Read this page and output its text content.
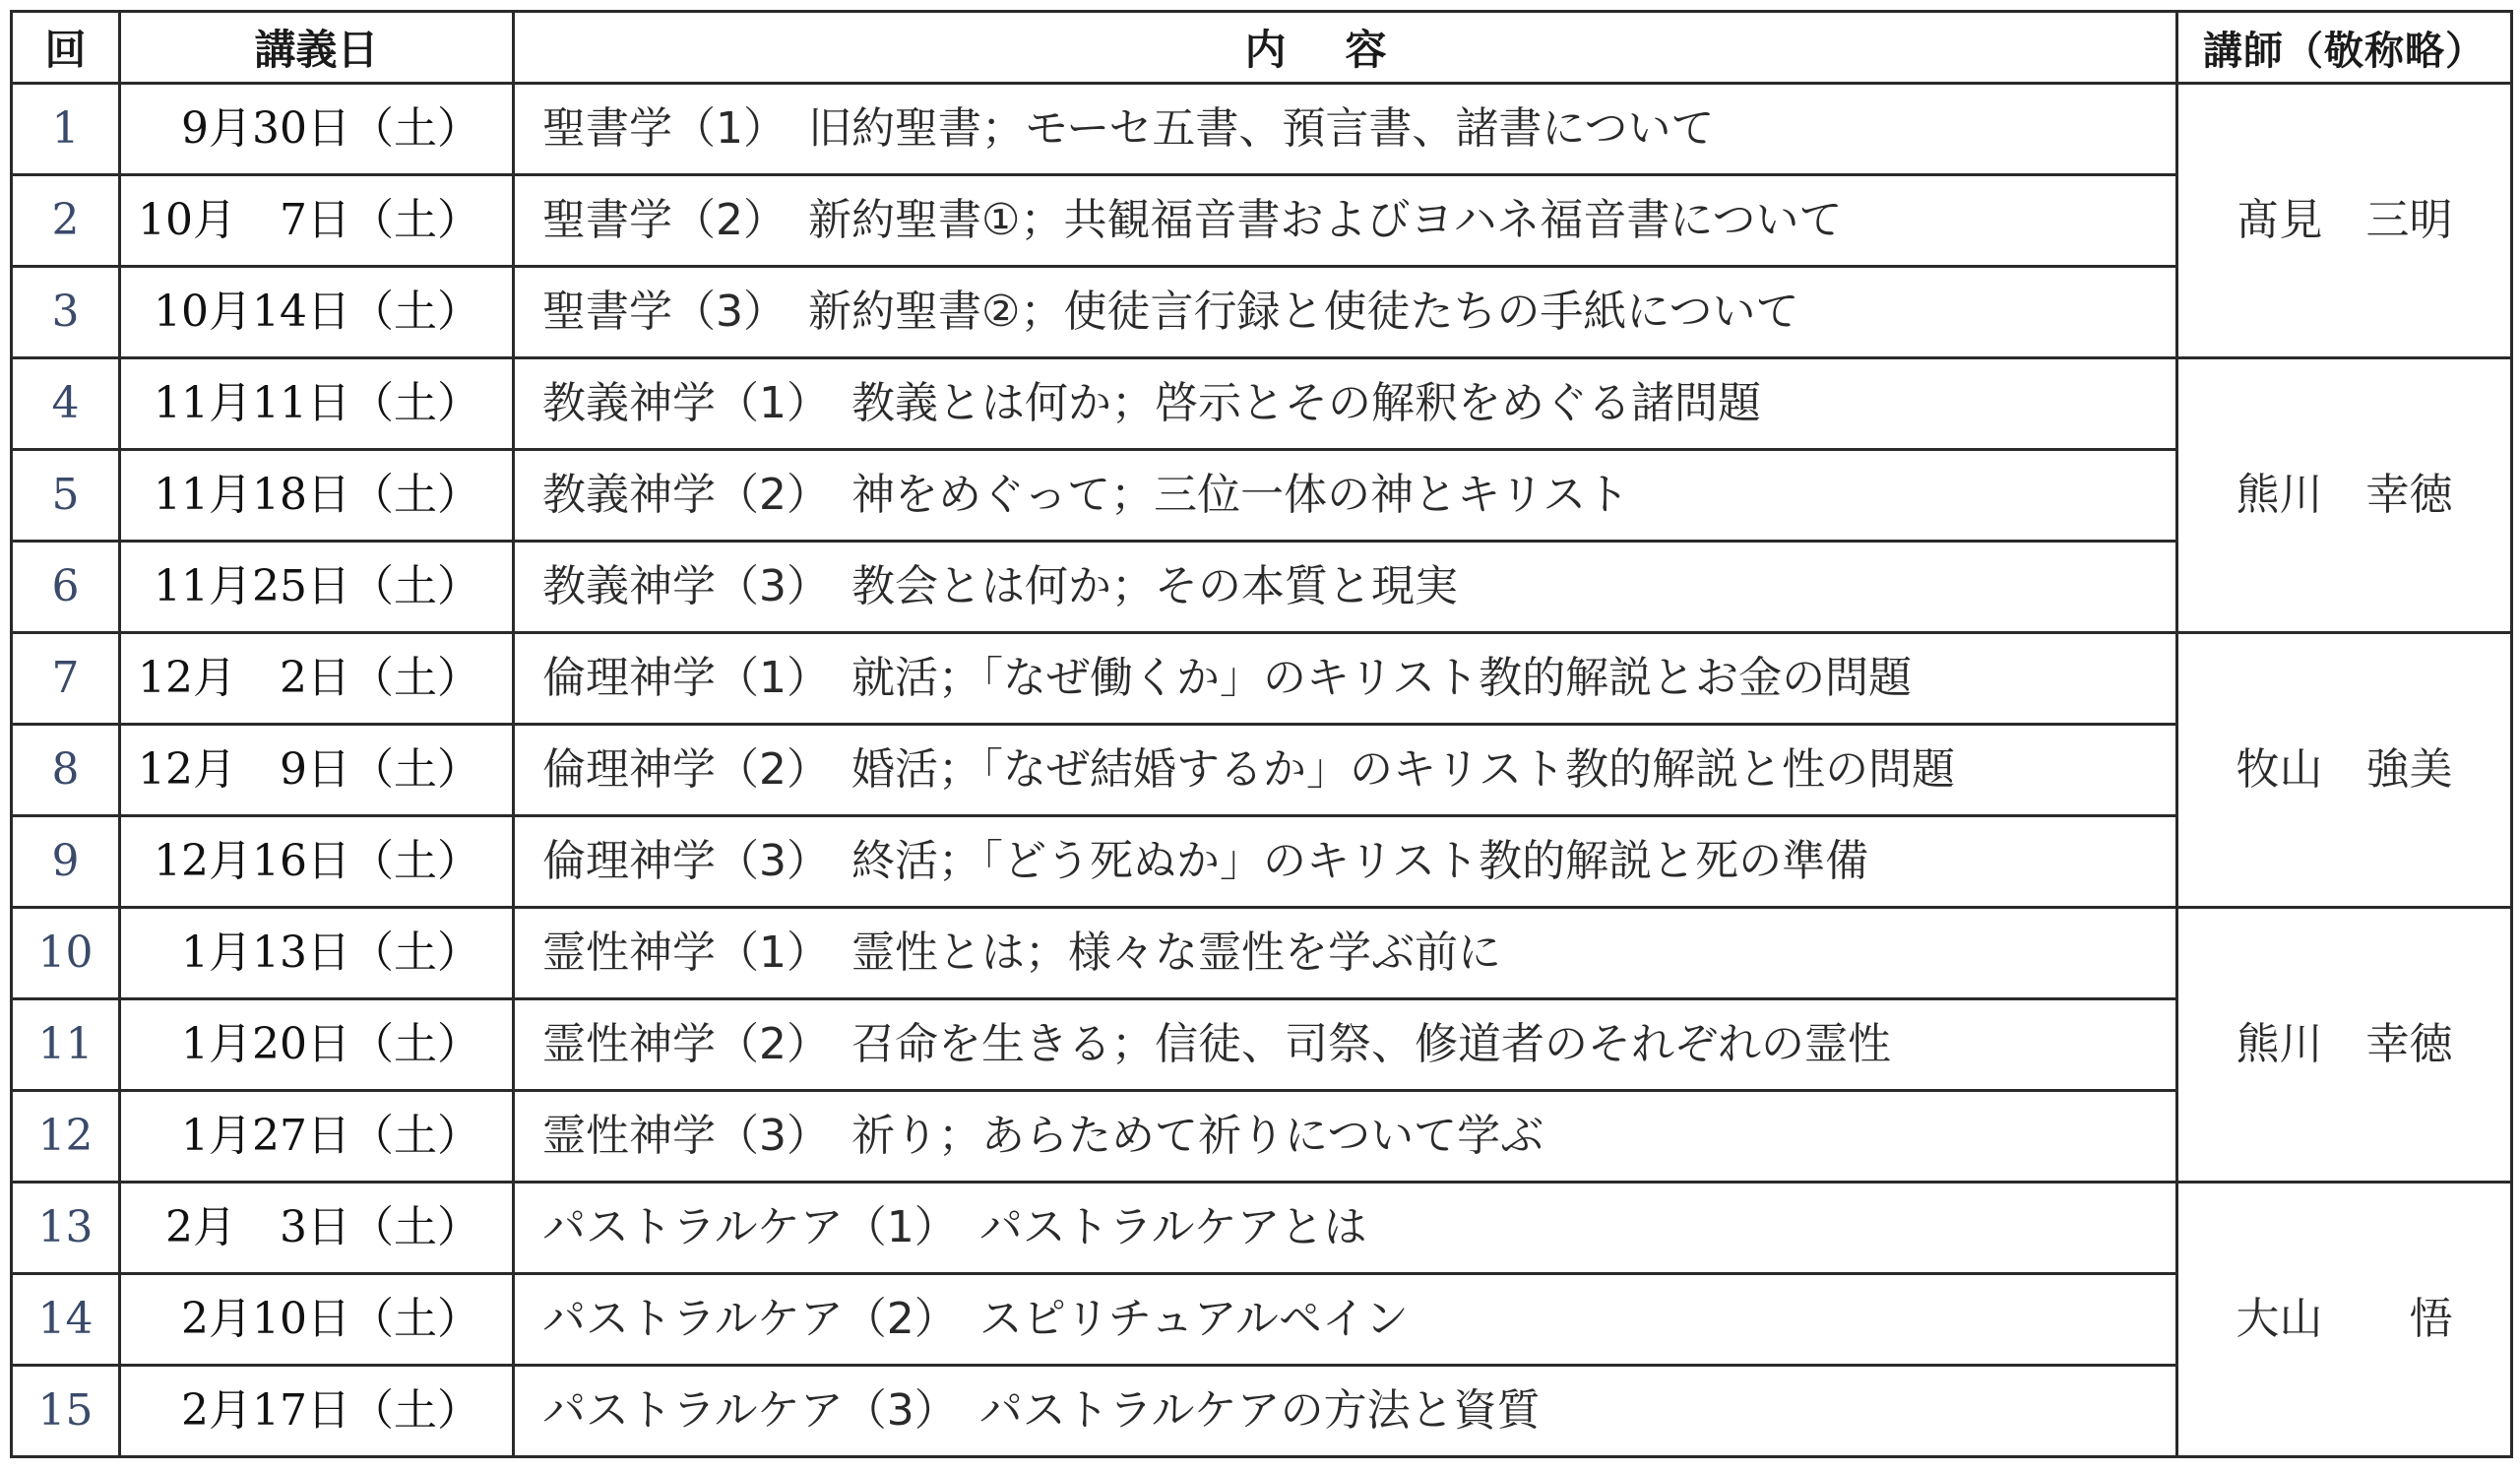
回	講義日	内容	講師（敬称略）
1	9月30日（土）	聖書学（1）　旧約聖書；モーセ五書、預言書、諸書について	髙見　三明
2	10月　7日（土）	聖書学（2）　新約聖書①；共観福音書およびヨハネ福音書について	
3	10月14日（土）	聖書学（3）　新約聖書②；使徒言行録と使徒たちの手紙について	
4	11月11日（土）	教義神学（1）　教義とは何か；啓示とその解釈をめぐる諸問題	熊川　幸徳
5	11月18日（土）	教義神学（2）　神をめぐって；三位一体の神とキリスト	
6	11月25日（土）	教義神学（3）　教会とは何か；その本質と現実	
7	12月　2日（土）	倫理神学（1）　就活；「なぜ働くか」のキリスト教的解説とお金の問題	牧山　強美
8	12月　9日（土）	倫理神学（2）　婚活；「なぜ結婚するか」のキリスト教的解説と性の問題	
9	12月16日（土）	倫理神学（3）　終活；「どう死ぬか」のキリスト教的解説と死の準備	
10	1月13日（土）	霊性神学（1）　霊性とは；様々な霊性を学ぶ前に	熊川　幸徳
11	1月20日（土）	霊性神学（2）　召命を生きる；信徒、司祭、修道者のそれぞれの霊性	
12	1月27日（土）	霊性神学（3）　祈り；あらためて祈りについて学ぶ	
13	2月　3日（土）	パストラルケア（1）　パストラルケアとは	大山　　悟
14	2月10日（土）	パストラルケア（2）　スピリチュアルペイン	
15	2月17日（土）	パストラルケア（3）　パストラルケアの方法と資質	
